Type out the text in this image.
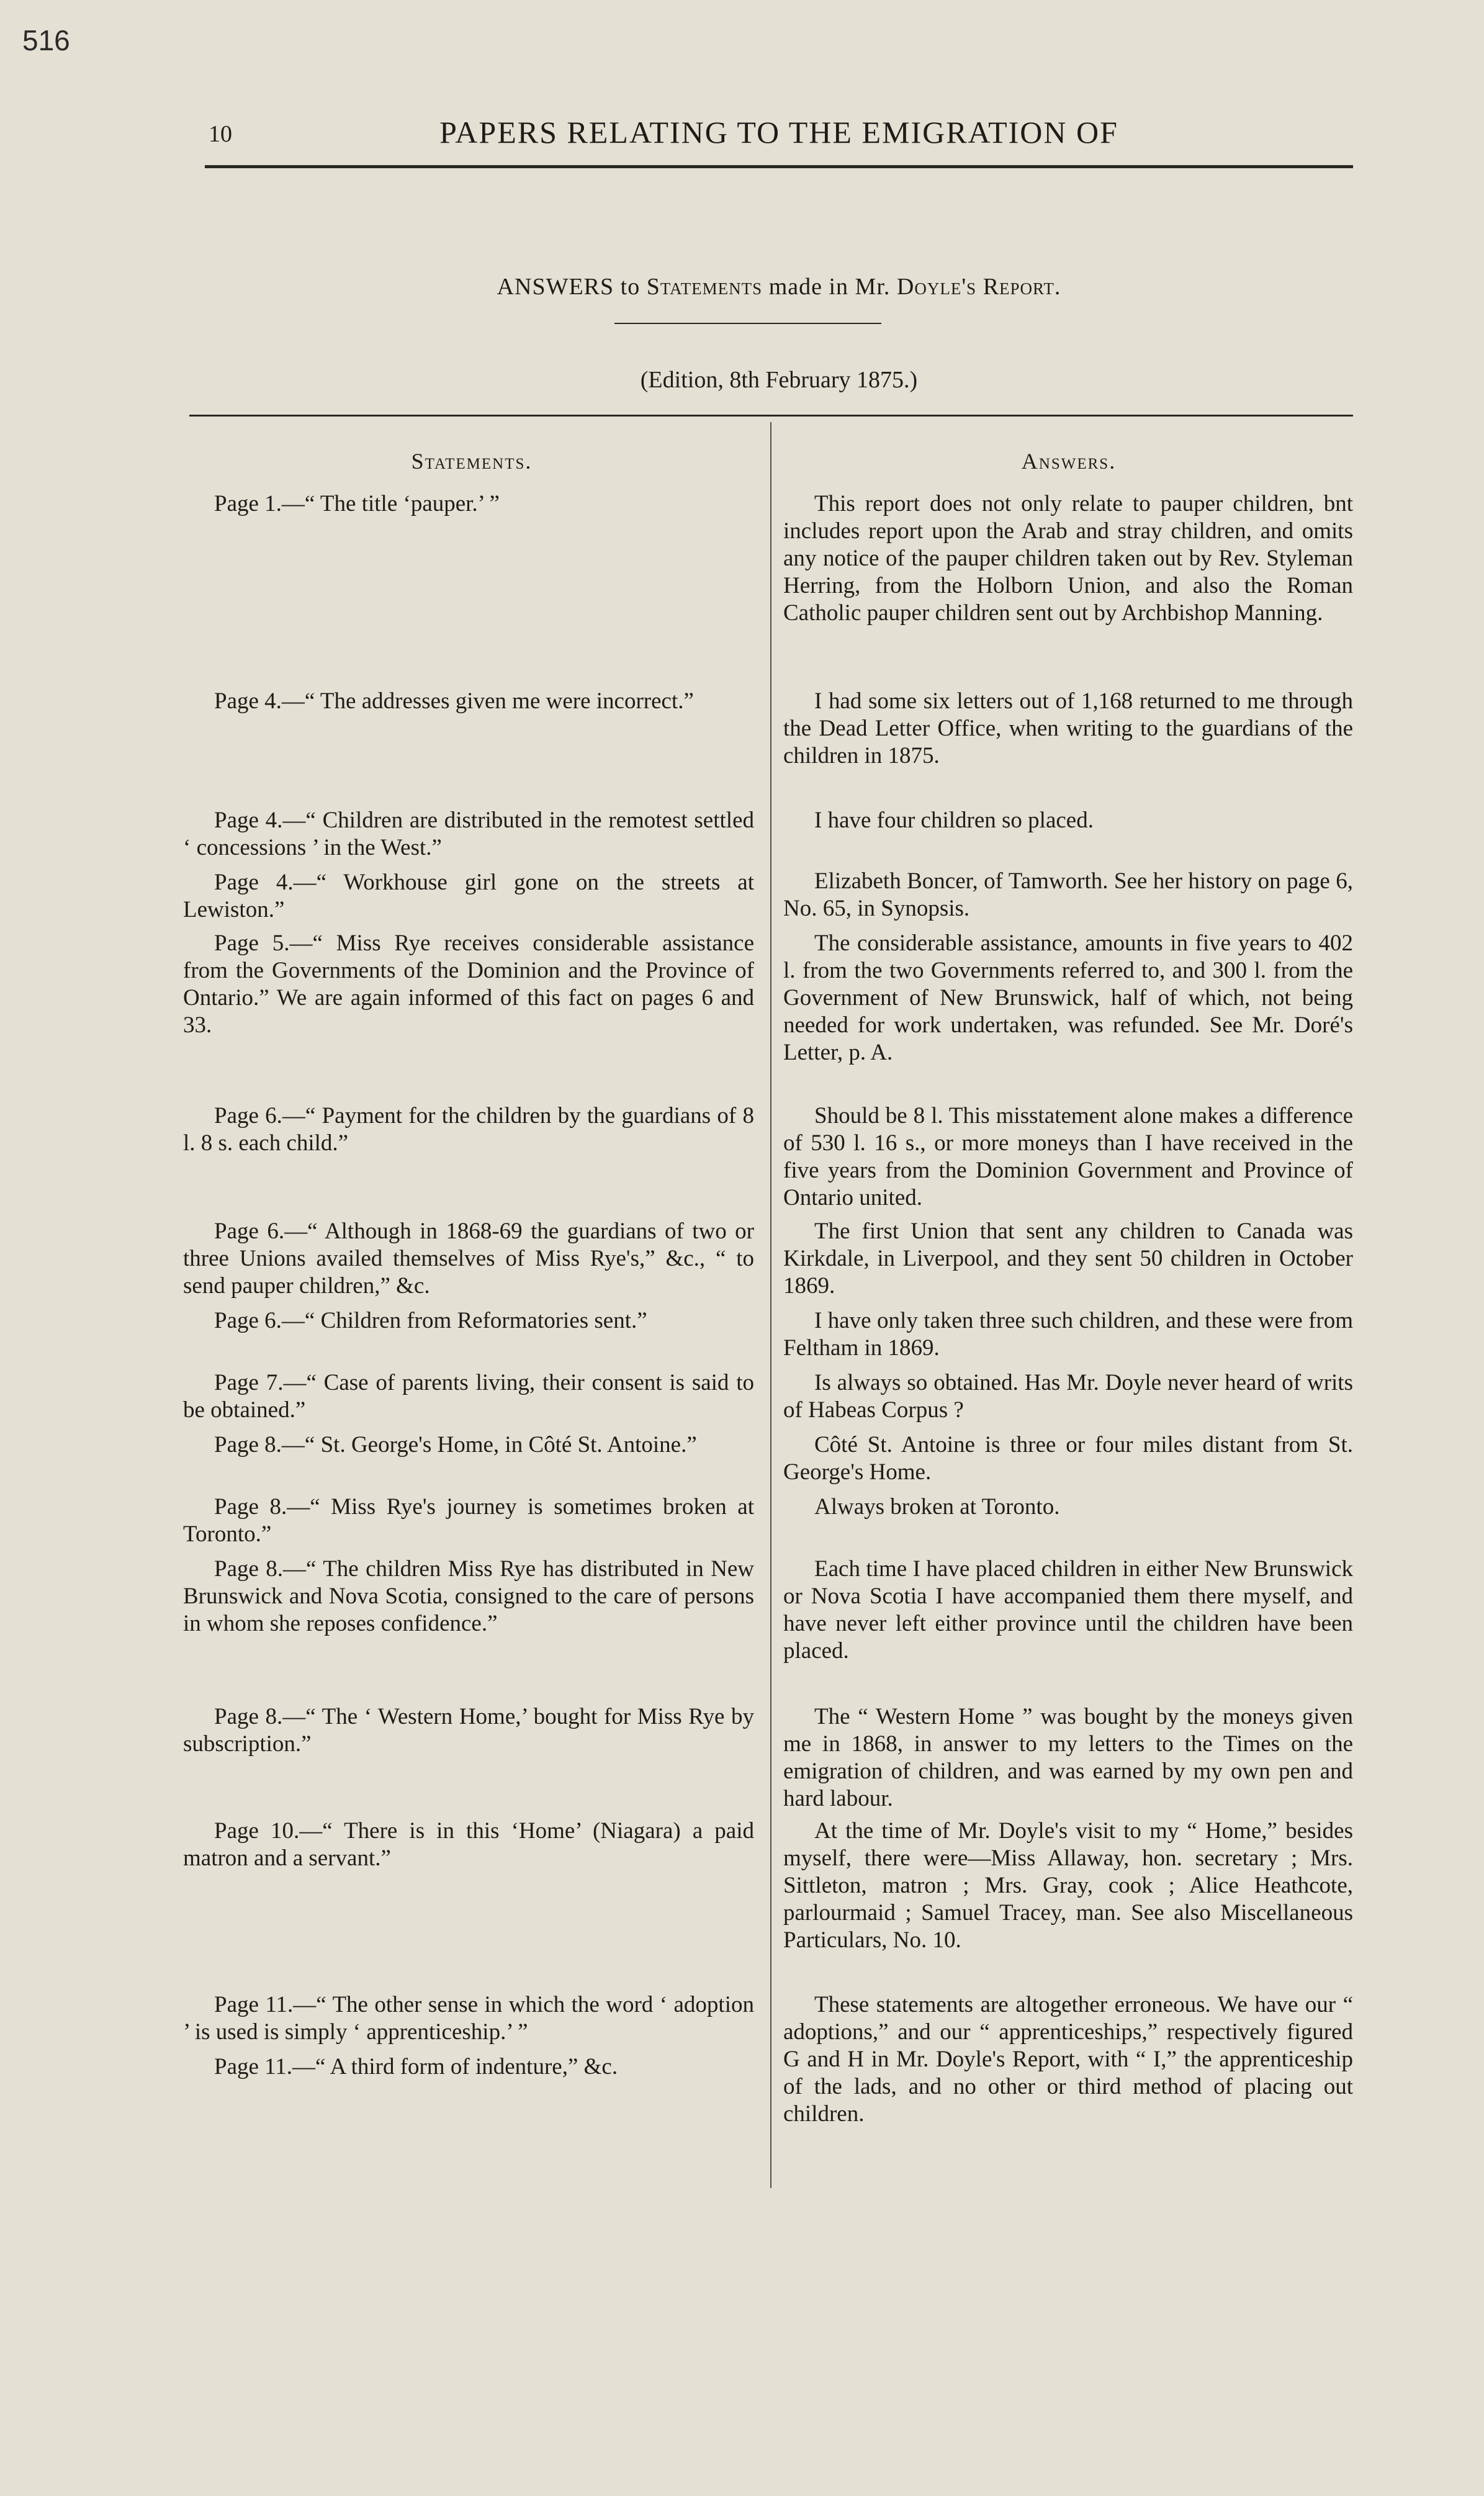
516
10	PAPERS RELATING TO THE EMIGRATION OF
ANSWERS to Statements made in Mr. Doyle's Report.
(Edition, 8th February 1875.)
Statements.	Answers.

Page 1.—“ The title ‘pauper.’ ”

Page 4.—“ The addresses given me were incorrect.”

Page 4.—“ Children are distributed in the remotest settled ‘ concessions ’ in the West.”

Page 4.—“ Workhouse girl gone on the streets at Lewiston.”

Page 5.—“ Miss Rye receives considerable assistance from the Governments of the Dominion and the Province of Ontario.” We are again informed of this fact on pages 6 and 33.

Page 6.—“ Payment for the children by the guardians of 8 l. 8 s. each child.”

Page 6.—“ Although in 1868-69 the guardians of two or three Unions availed themselves of Miss Rye's,” &c., “ to send pauper children,” &c.

Page 6.—“ Children from Reformatories sent.”

Page 7.—“ Case of parents living, their consent is said to be obtained.”

Page 8.—“ St. George's Home, in Côté St. Antoine.”

Page 8.—“ Miss Rye's journey is sometimes broken at Toronto.”

Page 8.—“ The children Miss Rye has distributed in New Brunswick and Nova Scotia, consigned to the care of persons in whom she reposes confidence.”

Page 8.—“ The ‘ Western Home,’ bought for Miss Rye by subscription.”

Page 10.—“ There is in this ‘Home’ (Niagara) a paid matron and a servant.”

Page 11.—“ The other sense in which the word ‘ adoption ’ is used is simply ‘ apprenticeship.’ ”

Page 11.—“ A third form of indenture,” &c.

This report does not only relate to pauper children, bnt includes report upon the Arab and stray children, and omits any notice of the pauper children taken out by Rev. Styleman Herring, from the Holborn Union, and also the Roman Catholic pauper children sent out by Archbishop Manning.

I had some six letters out of 1,168 returned to me through the Dead Letter Office, when writing to the guardians of the children in 1875.

I have four children so placed.

Elizabeth Boncer, of Tamworth. See her history on page 6, No. 65, in Synopsis.

The considerable assistance, amounts in five years to 402 l. from the two Governments referred to, and 300 l. from the Government of New Brunswick, half of which, not being needed for work undertaken, was refunded. See Mr. Doré's Letter, p. A.

Should be 8 l. This misstatement alone makes a difference of 530 l. 16 s., or more moneys than I have received in the five years from the Dominion Government and Province of Ontario united.

The first Union that sent any children to Canada was Kirkdale, in Liverpool, and they sent 50 children in October 1869.

I have only taken three such children, and these were from Feltham in 1869.

Is always so obtained. Has Mr. Doyle never heard of writs of Habeas Corpus ?

Côté St. Antoine is three or four miles distant from St. George's Home.

Always broken at Toronto.

Each time I have placed children in either New Brunswick or Nova Scotia I have accompanied them there myself, and have never left either province until the children have been placed.

The “ Western Home ” was bought by the moneys given me in 1868, in answer to my letters to the Times on the emigration of children, and was earned by my own pen and hard labour.

At the time of Mr. Doyle's visit to my “ Home,” besides myself, there were—Miss Allaway, hon. secretary ; Mrs. Sittleton, matron ; Mrs. Gray, cook ; Alice Heathcote, parlourmaid ; Samuel Tracey, man. See also Miscellaneous Particulars, No. 10.

These statements are altogether erroneous. We have our “ adoptions,” and our “ apprenticeships,” respectively figured G and H in Mr. Doyle's Report, with “ I,” the apprenticeship of the lads, and no other or third method of placing out children.
